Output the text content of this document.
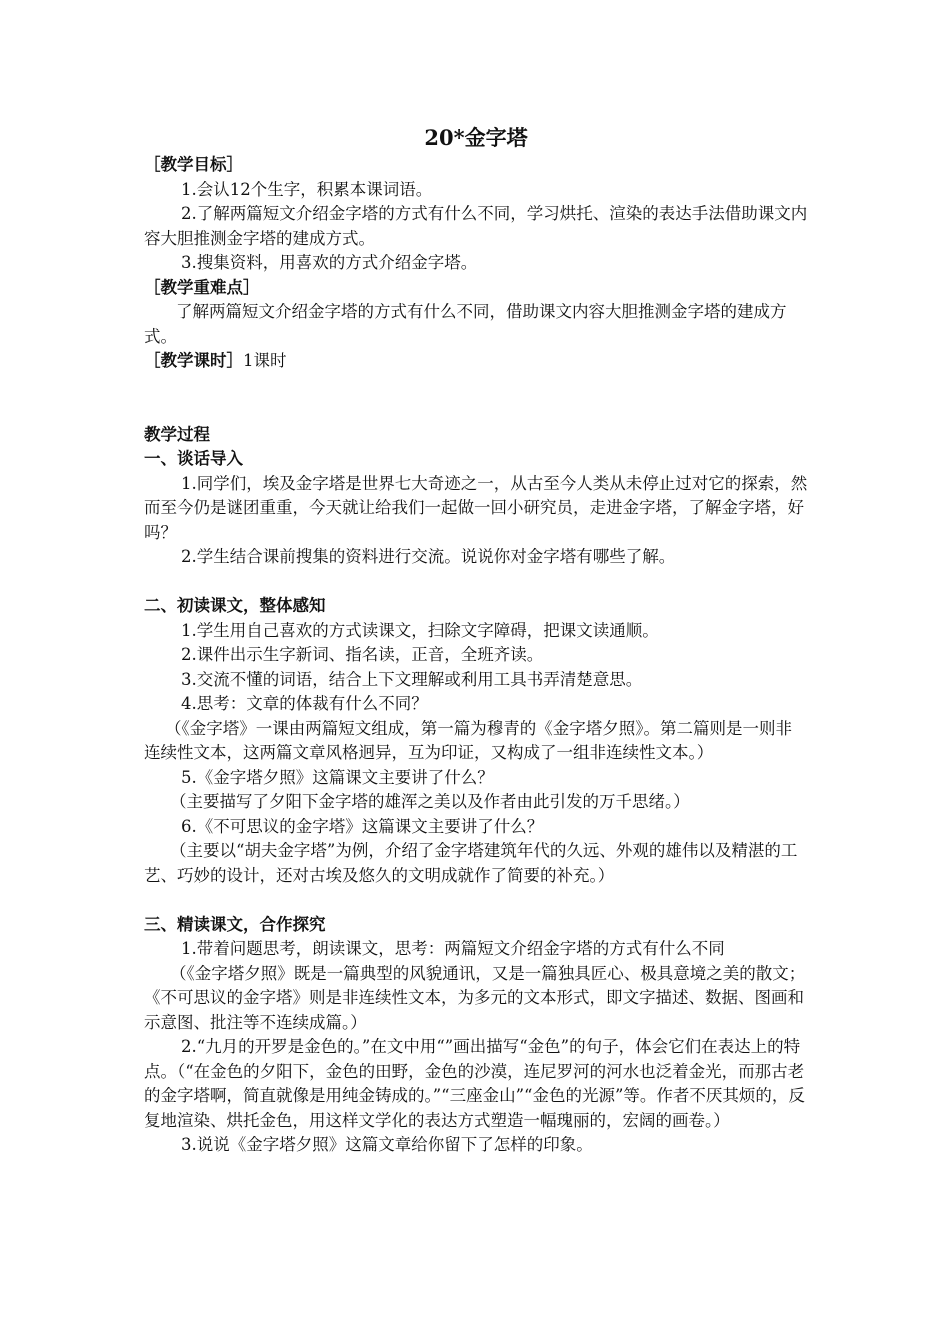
20*金字塔
［教学目标］

1.会认12个生字，积累本课词语。

2.了解两篇短文介绍金字塔的方式有什么不同，学习烘托、渲染的表达手法借助课文内容大胆推测金字塔的建成方式。

3.搜集资料，用喜欢的方式介绍金字塔。

［教学重难点］

了解两篇短文介绍金字塔的方式有什么不同，借助课文内容大胆推测金字塔的建成方式。

［教学课时］1课时
教学过程
一、谈话导入

1.同学们，埃及金字塔是世界七大奇迹之一，从古至今人类从未停止过对它的探索，然而至今仍是谜团重重，今天就让给我们一起做一回小研究员，走进金字塔，了解金字塔，好吗？

2.学生结合课前搜集的资料进行交流。说说你对金字塔有哪些了解。

二、初读课文，整体感知

1.学生用自己喜欢的方式读课文，扫除文字障碍，把课文读通顺。

2.课件出示生字新词、指名读，正音，全班齐读。

3.交流不懂的词语，结合上下文理解或利用工具书弄清楚意思。

4.思考：文章的体裁有什么不同？

（《金字塔》一课由两篇短文组成，第一篇为穆青的《金字塔夕照》。第二篇则是一则非连续性文本，这两篇文章风格迥异，互为印证，又构成了一组非连续性文本。）

5.《金字塔夕照》这篇课文主要讲了什么？

（主要描写了夕阳下金字塔的雄浑之美以及作者由此引发的万千思绪。）

6.《不可思议的金字塔》这篇课文主要讲了什么？

（主要以“胡夫金字塔”为例，介绍了金字塔建筑年代的久远、外观的雄伟以及精湛的工艺、巧妙的设计，还对古埃及悠久的文明成就作了简要的补充。）

三、精读课文，合作探究

1.带着问题思考，朗读课文，思考：两篇短文介绍金字塔的方式有什么不同

（《金字塔夕照》既是一篇典型的风貌通讯，又是一篇独具匠心、极具意境之美的散文；《不可思议的金字塔》则是非连续性文本，为多元的文本形式，即文字描述、数据、图画和示意图、批注等不连续成篇。）

2.“九月的开罗是金色的。”在文中用“”画出描写“金色”的句子，体会它们在表达上的特点。（“在金色的夕阳下，金色的田野，金色的沙漠，连尼罗河的河水也泛着金光，而那古老的金字塔啊，简直就像是用纯金铸成的。”“三座金山”“金色的光源”等。作者不厌其烦的，反复地渲染、烘托金色，用这样文学化的表达方式塑造一幅瑰丽的，宏阔的画卷。）

3.说说《金字塔夕照》这篇文章给你留下了怎样的印象。
